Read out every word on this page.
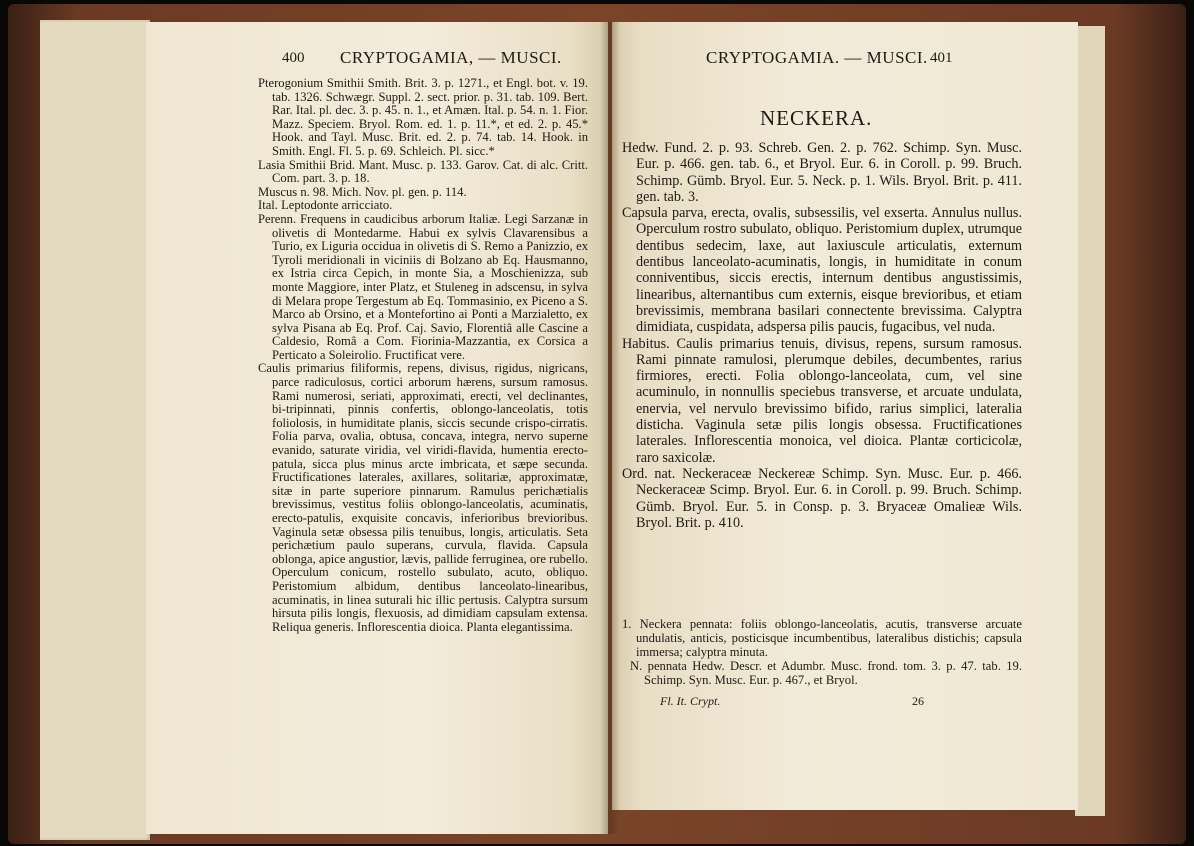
400 CRYPTOGAMIA, — MUSCI.

Pterogonium Smithii Smith. Brit. 3. p. 1271., et Engl. bot. v. 19. tab. 1326. Schwægr. Suppl. 2. sect. prior. p. 31. tab. 109. Bert. Rar. Ital. pl. dec. 3. p. 45. n. 1., et Amæn. Ital. p. 54. n. 1. Fior. Mazz. Speciem. Bryol. Rom. ed. 1. p. 11.*, et ed. 2. p. 45.* Hook. and Tayl. Musc. Brit. ed. 2. p. 74. tab. 14. Hook. in Smith. Engl. Fl. 5. p. 69. Schleich. Pl. sicc.*

Lasia Smithii Brid. Mant. Musc. p. 133. Garov. Cat. di alc. Critt. Com. part. 3. p. 18.

Muscus n. 98. Mich. Nov. pl. gen. p. 114.

Ital. Leptodonte arricciato.

Perenn. Frequens in caudicibus arborum Italiæ. Legi Sarzanæ in olivetis di Montedarme. Habui ex sylvis Clavarensibus a Turio, ex Liguria occidua in olivetis di S. Remo a Panizzio, ex Tyroli meridionali in viciniis di Bolzano ab Eq. Hausmanno, ex Istria circa Cepich, in monte Sia, a Moschienizza, sub monte Maggiore, inter Platz, et Stuleneg in adscensu, in sylva di Melara prope Tergestum ab Eq. Tommasinio, ex Piceno a S. Marco ab Orsino, et a Montefortino ai Ponti a Marzialetto, ex sylva Pisana ab Eq. Prof. Caj. Savio, Florentiâ alle Cascine a Caldesio, Româ a Com. Fiorinia-Mazzantia, ex Corsica a Perticato a Soleirolio. Fructificat vere.

Caulis primarius filiformis, repens, divisus, rigidus, nigricans, parce radiculosus, cortici arborum hærens, sursum ramosus. Rami numerosi, seriati, approximati, erecti, vel declinantes, bi-tripinnati, pinnis confertis, oblongo-lanceolatis, totis foliolosis, in humiditate planis, siccis secunde crispo-cirratis. Folia parva, ovalia, obtusa, concava, integra, nervo superne evanido, saturate viridia, vel viridi-flavida, humentia erecto-patula, sicca plus minus arcte imbricata, et sæpe secunda. Fructificationes laterales, axillares, solitariæ, approximatæ, sitæ in parte superiore pinnarum. Ramulus perichætialis brevissimus, vestitus foliis oblongo-lanceolatis, acuminatis, erecto-patulis, exquisite concavis, inferioribus brevioribus. Vaginula setæ obsessa pilis tenuibus, longis, articulatis. Seta perichætium paulo superans, curvula, flavida. Capsula oblonga, apice angustior, lævis, pallide ferruginea, ore rubello. Operculum conicum, rostello subulato, acuto, obliquo. Peristomium albidum, dentibus lanceolato-linearibus, acuminatis, in linea suturali hic illic pertusis. Calyptra sursum hirsuta pilis longis, flexuosis, ad dimidiam capsulam extensa. Reliqua generis. Inflorescentia dioica. Planta elegantissima.

CRYPTOGAMIA. — MUSCI. 401
NECKERA.

Hedw. Fund. 2. p. 93. Schreb. Gen. 2. p. 762. Schimp. Syn. Musc. Eur. p. 466. gen. tab. 6., et Bryol. Eur. 6. in Coroll. p. 99. Bruch. Schimp. Gümb. Bryol. Eur. 5. Neck. p. 1. Wils. Bryol. Brit. p. 411. gen. tab. 3.

Capsula parva, erecta, ovalis, subsessilis, vel exserta. Annulus nullus. Operculum rostro subulato, obliquo. Peristomium duplex, utrumque dentibus sedecim, laxe, aut laxiuscule articulatis, externum dentibus lanceolato-acuminatis, longis, in humiditate in conum conniventibus, siccis erectis, internum dentibus angustissimis, linearibus, alternantibus cum externis, eisque brevioribus, et etiam brevissimis, membrana basilari connectente brevissima. Calyptra dimidiata, cuspidata, adspersa pilis paucis, fugacibus, vel nuda.

Habitus. Caulis primarius tenuis, divisus, repens, sursum ramosus. Rami pinnate ramulosi, plerumque debiles, decumbentes, rarius firmiores, erecti. Folia oblongo-lanceolata, cum, vel sine acuminulo, in nonnullis speciebus transverse, et arcuate undulata, enervia, vel nervulo brevissimo bifido, rarius simplici, lateralia disticha. Vaginula setæ pilis longis obsessa. Fructificationes laterales. Inflorescentia monoica, vel dioica. Plantæ corticicolæ, raro saxicolæ.

Ord. nat. Neckeraceæ Neckereæ Schimp. Syn. Musc. Eur. p. 466. Neckeraceæ Scimp. Bryol. Eur. 6. in Coroll. p. 99. Bruch. Schimp. Gümb. Bryol. Eur. 5. in Consp. p. 3. Bryaceæ Omalieæ Wils. Bryol. Brit. p. 410.

1. Neckera pennata: foliis oblongo-lanceolatis, acutis, transverse arcuate undulatis, anticis, posticisque incumbentibus, lateralibus distichis; capsula immersa; calyptra minuta.

N. pennata Hedw. Descr. et Adumbr. Musc. frond. tom. 3. p. 47. tab. 19. Schimp. Syn. Musc. Eur. p. 467., et Bryol.

Fl. It. Crypt.	26
